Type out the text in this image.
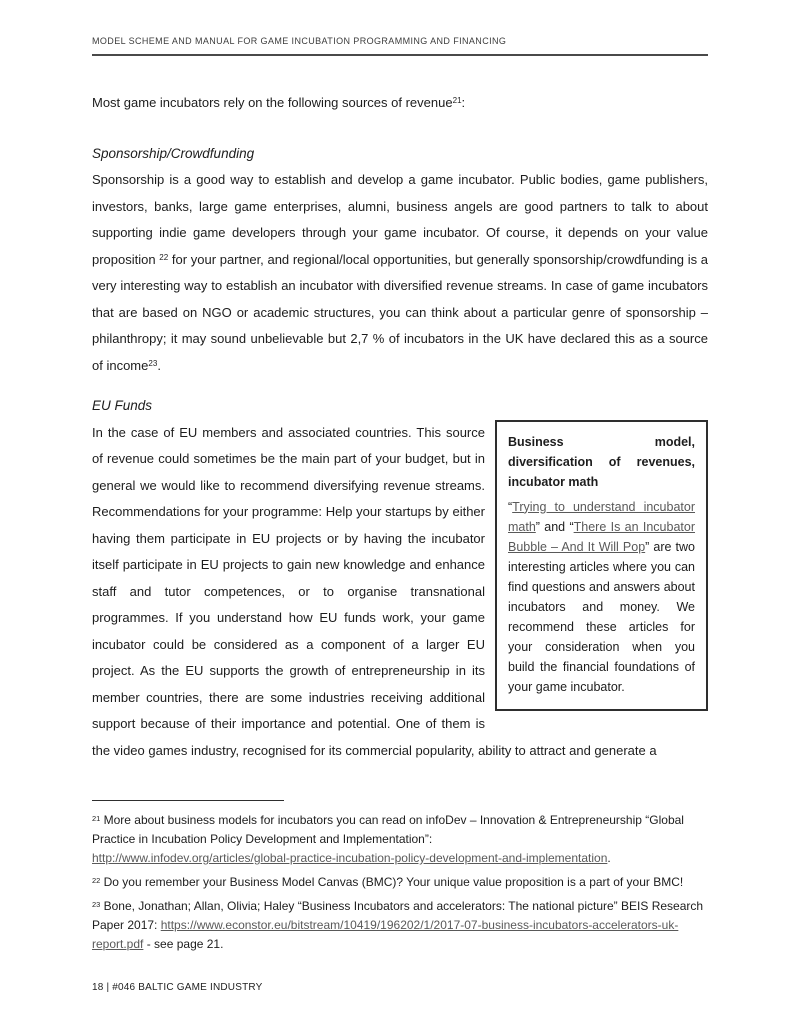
MODEL SCHEME AND MANUAL FOR GAME INCUBATION PROGRAMMING AND FINANCING

Most game incubators rely on the following sources of revenue$^{21}$:

Sponsorship/Crowdfunding

Sponsorship is a good way to establish and develop a game incubator. Public bodies, game publishers, investors, banks, large game enterprises, alumni, business angels are good partners to talk to about supporting indie game developers through your game incubator. Of course, it depends on your value proposition $^{22}$ for your partner, and regional/local opportunities, but generally sponsorship/crowdfunding is a very interesting way to establish an incubator with diversified revenue streams. In case of game incubators that are based on NGO or academic structures, you can think about a particular genre of sponsorship – philanthropy; it may sound unbelievable but 2,7 % of incubators in the UK have declared this as a source of income$^{23}$.

EU Funds

Business model, diversification of revenues, incubator math

“Trying to understand incubator math” and “There Is an Incubator Bubble – And It Will Pop” are two interesting articles where you can find questions and answers about incubators and money. We recommend these articles for your consideration when you build the financial foundations of your game incubator.

In the case of EU members and associated countries. This source of revenue could sometimes be the main part of your budget, but in general we would like to recommend diversifying revenue streams. Recommendations for your programme: Help your startups by either having them participate in EU projects or by having the incubator itself participate in EU projects to gain new knowledge and enhance staff and tutor competences, or to organise transnational programmes. If you understand how EU funds work, your game incubator could be considered as a component of a larger EU project. As the EU supports the growth of entrepreneurship in its member countries, there are some industries receiving additional support because of their importance and potential. One of them is the video games industry, recognised for its commercial popularity, ability to attract and generate a

$^{21}$ More about business models for incubators you can read on infoDev – Innovation & Entrepreneurship “Global Practice in Incubation Policy Development and Implementation”: http://www.infodev.org/articles/global-practice-incubation-policy-development-and-implementation.

$^{22}$ Do you remember your Business Model Canvas (BMC)? Your unique value proposition is a part of your BMC!

$^{23}$ Bone, Jonathan; Allan, Olivia; Haley “Business Incubators and accelerators: The national picture” BEIS Research Paper 2017: https://www.econstor.eu/bitstream/10419/196202/1/2017-07-business-incubators-accelerators-uk-report.pdf - see page 21.

18 | #046 BALTIC GAME INDUSTRY
